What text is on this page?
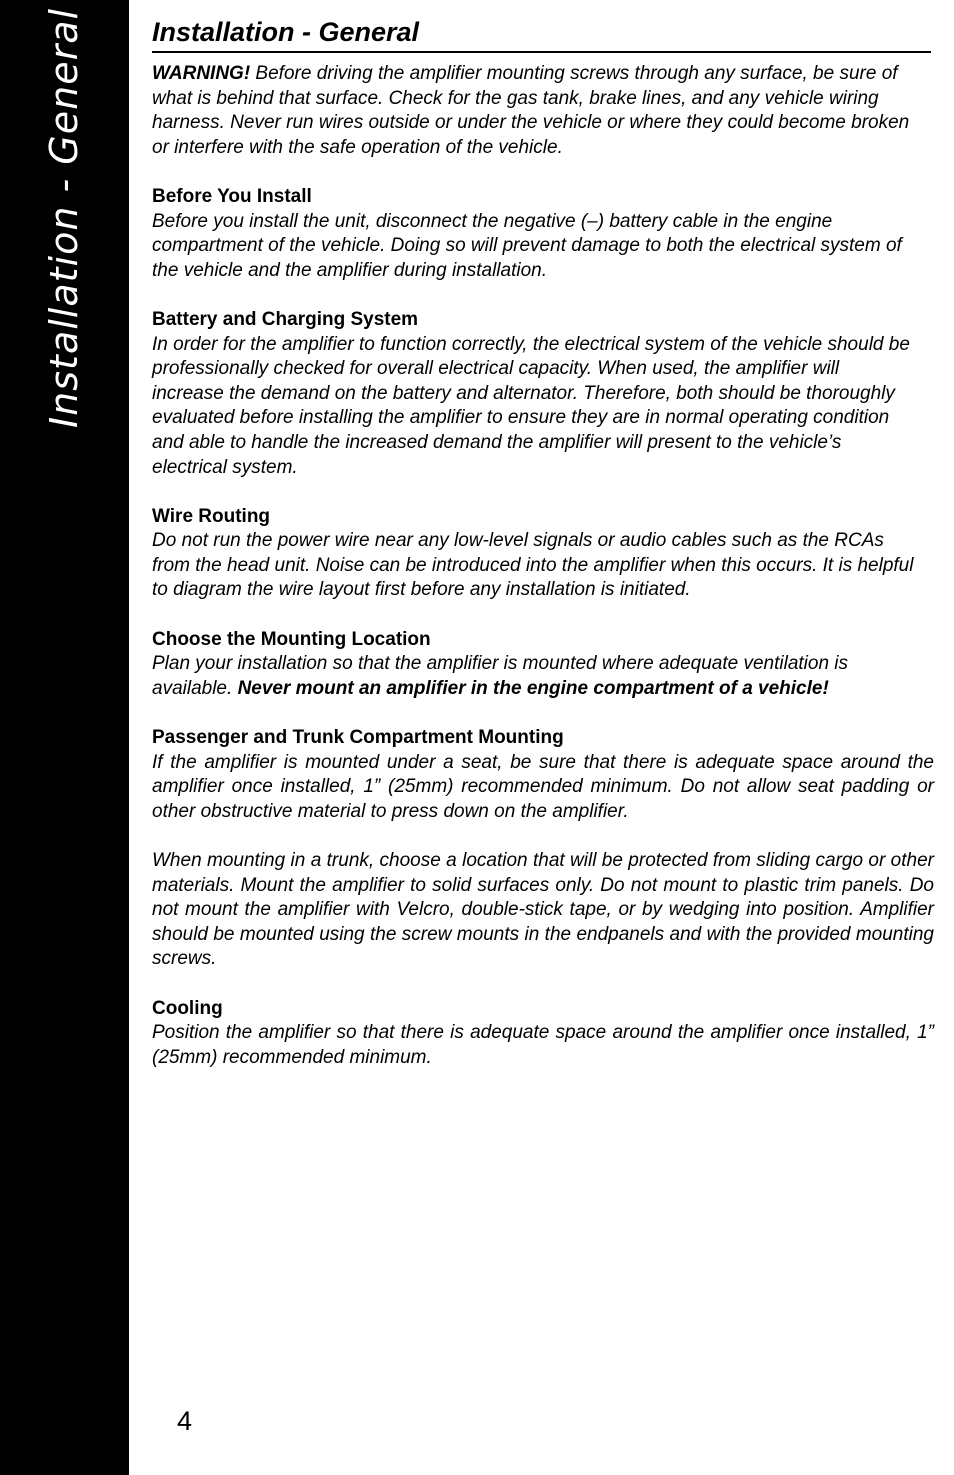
Installation - General Installation - General

WARNING! Before driving the amplifier mounting screws through any surface, be sure of what is behind that surface. Check for the gas tank, brake lines, and any vehicle wiring harness. Never run wires outside or under the vehicle or where they could become broken or interfere with the safe operation of the vehicle.

Before You Install

Before you install the unit, disconnect the negative (–) battery cable in the engine compartment of the vehicle. Doing so will prevent damage to both the electrical system of the vehicle and the amplifier during installation.

Battery and Charging System

In order for the amplifier to function correctly, the electrical system of the vehicle should be professionally checked for overall electrical capacity. When used, the amplifier will increase the demand on the battery and alternator. Therefore, both should be thoroughly evaluated before installing the amplifier to ensure they are in normal operating condition and able to handle the increased demand the amplifier will present to the vehicle’s electrical system.

Wire Routing

Do not run the power wire near any low-level signals or audio cables such as the RCAs from the head unit. Noise can be introduced into the amplifier when this occurs. It is helpful to diagram the wire layout first before any installation is initiated.

Choose the Mounting Location

Plan your installation so that the amplifier is mounted where adequate ventilation is available. Never mount an amplifier in the engine compartment of a vehicle!

Passenger and Trunk Compartment Mounting

If the amplifier is mounted under a seat, be sure that there is adequate space around the amplifier once installed, 1” (25mm) recommended minimum. Do not allow seat padding or other obstructive material to press down on the amplifier.

When mounting in a trunk, choose a location that will be protected from sliding cargo or other materials. Mount the amplifier to solid surfaces only. Do not mount to plastic trim panels. Do not mount the amplifier with Velcro, double-stick tape, or by wedging into position. Amplifier should be mounted using the screw mounts in the endpanels and with the provided mounting screws.

Cooling

Position the amplifier so that there is adequate space around the amplifier once installed, 1” (25mm) recommended minimum.

4
